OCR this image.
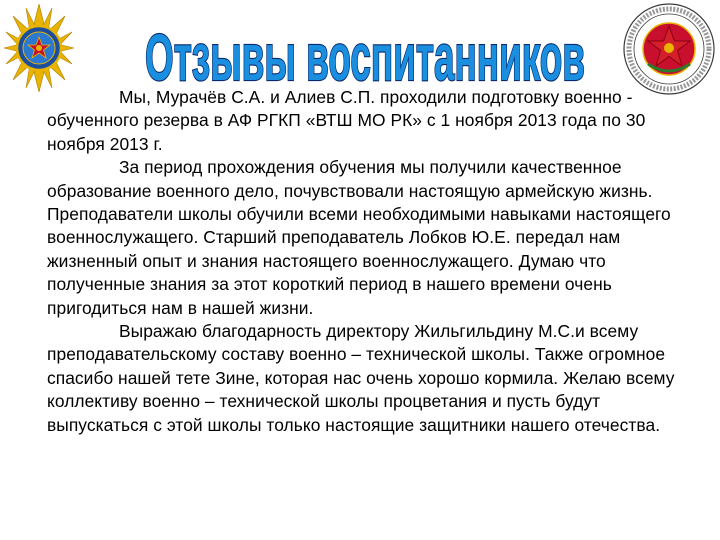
Отзывы воспитанников

Мы, Мурачёв С.А. и Алиев С.П. проходили подготовку военно - обученного резерва в АФ РГКП «ВТШ МО РК» с 1 ноября 2013 года по 30 ноября 2013 г.

За период прохождения обучения мы получили качественное образование военного дело, почувствовали настоящую армейскую жизнь. Преподаватели школы обучили всеми необходимыми навыками настоящего военнослужащего. Старший преподаватель Лобков Ю.Е. передал нам жизненный опыт и знания настоящего военнослужащего. Думаю что полученные знания за этот короткий период в нашего времени очень пригодиться нам в нашей жизни.

Выражаю благодарность директору Жильгильдину М.С.и всему преподавательскому составу военно – технической школы. Также огромное спасибо нашей тете Зине, которая нас очень хорошо кормила. Желаю всему коллективу военно – технической школы процветания и пусть будут выпускаться с этой школы только настоящие защитники нашего отечества.
